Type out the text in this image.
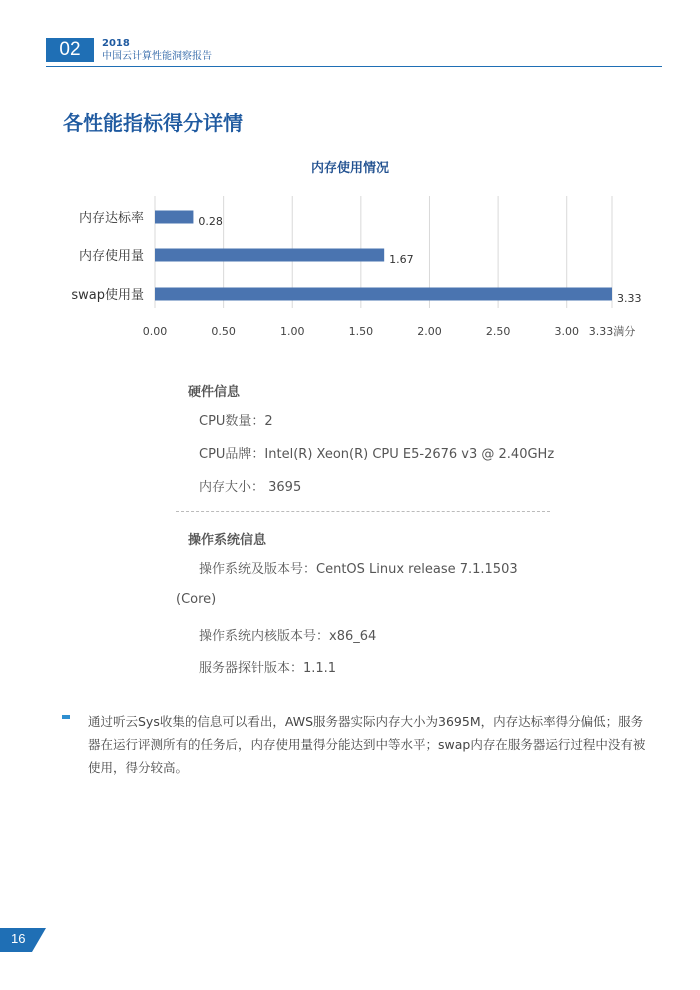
02	2018
中国云计算性能洞察报告
各性能指标得分详情
内存使用情况
0.00	0.50	1.00	1.50	2.00	2.50	3.00 3.33满分
内存达标率	0.28
内存使用量	1.67
swap使用量	3.33
硬件信息
CPU数量：2
CPU品牌：Intel(R) Xeon(R) CPU E5-2676 v3 @ 2.40GHz
内存大小： 3695
操作系统信息
操作系统及版本号：CentOS Linux release 7.1.1503
(Core)
操作系统内核版本号：x86_64
服务器探针版本：1.1.1
通过听云Sys收集的信息可以看出，AWS服务器实际内存大小为3695M，内存达标率得分偏低；服务器在运行评测所有的任务后，内存使用量得分能达到中等水平；swap内存在服务器运行过程中没有被使用，得分较高。
16
